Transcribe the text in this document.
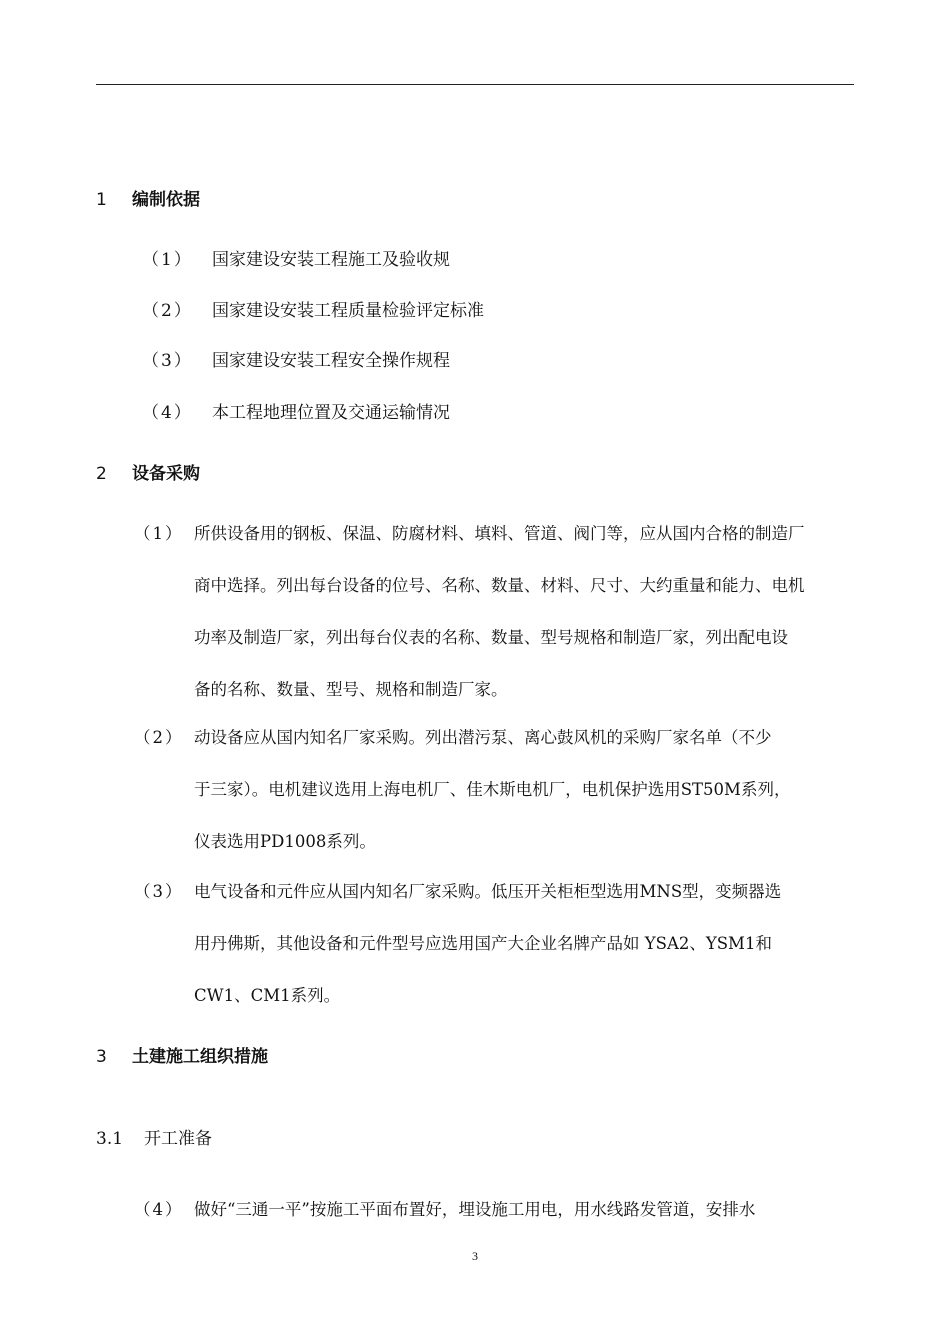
1 编制依据
（1） 国家建设安装工程施工及验收规
（2） 国家建设安装工程质量检验评定标准
（3） 国家建设安装工程安全操作规程
（4） 本工程地理位置及交通运输情况
2 设备采购
（1） 所供设备用的钢板、保温、防腐材料、填料、管道、阀门等，应从国内合格的制造厂
商中选择。列出每台设备的位号、名称、数量、材料、尺寸、大约重量和能力、电机
功率及制造厂家，列出每台仪表的名称、数量、型号规格和制造厂家，列出配电设
备的名称、数量、型号、规格和制造厂家。
（2） 动设备应从国内知名厂家采购。列出潜污泵、离心鼓风机的采购厂家名单（不少
于三家）。电机建议选用上海电机厂、佳木斯电机厂，电机保护选用ST50M系列，
仪表选用PD1008系列。
（3） 电气设备和元件应从国内知名厂家采购。低压开关柜柜型选用MNS型，变频器选
用丹佛斯，其他设备和元件型号应选用国产大企业名牌产品如 YSA2、YSM1和
CW1、CM1系列。
3 土建施工组织措施
3.1 开工准备
（4） 做好“三通一平”按施工平面布置好，埋设施工用电，用水线路发管道，安排水
3
